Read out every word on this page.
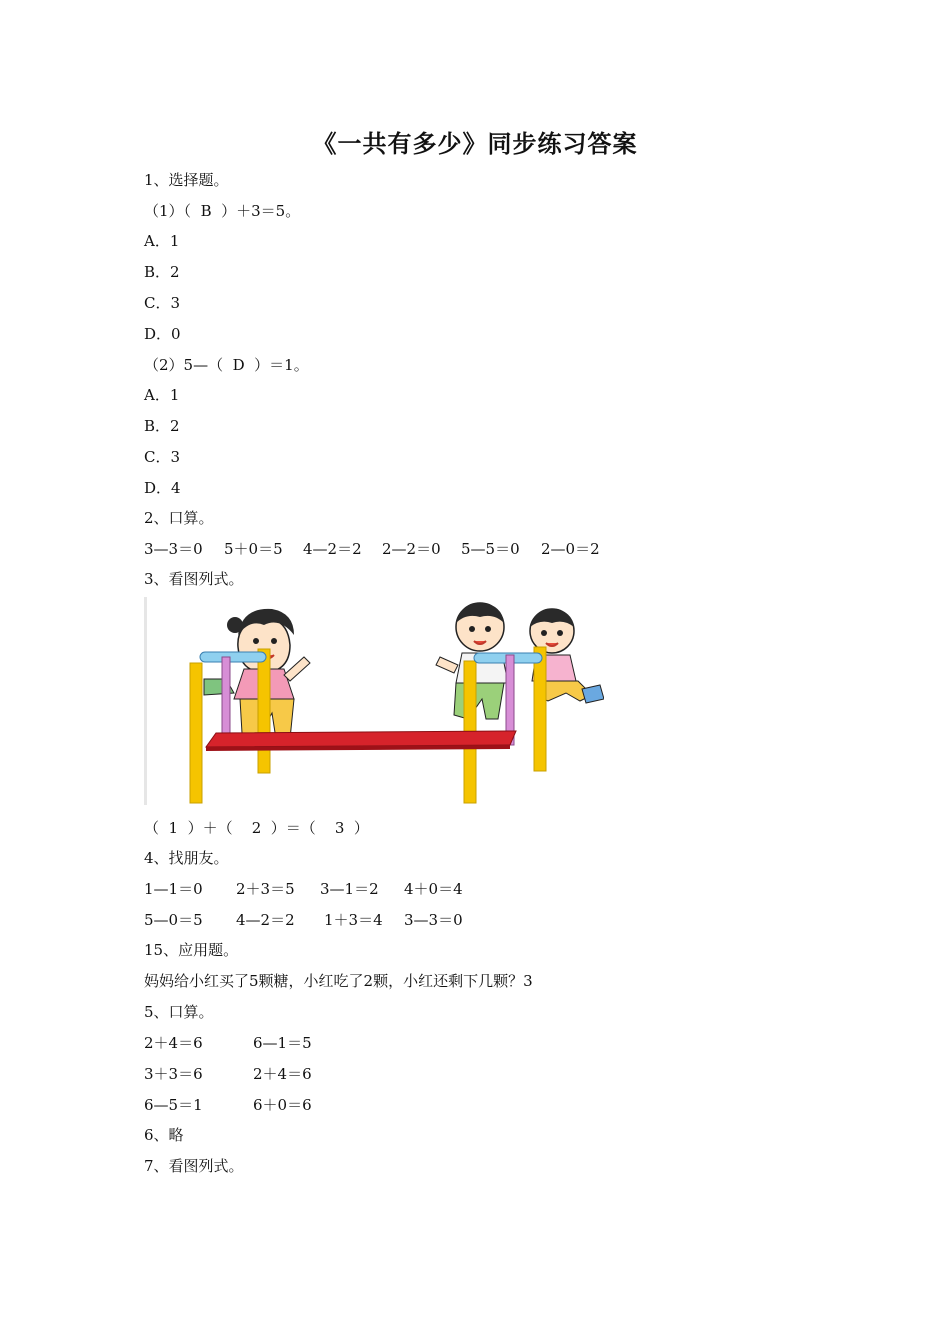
《一共有多少》同步练习答案
1、选择题。
（1）（  B  ）＋3＝5。
A．1
B．2
C．3
D．0
（2）5—（  D  ）＝1。
A．1
B．2
C．3
D．4
2、口算。
3—3＝0	5＋0＝5	4—2＝2	2—2＝0	5—5＝0	2—0＝2
3、看图列式。
（  1  ）＋（    2  ）＝（    3  ）
4、找朋友。
1—1＝0	2＋3＝5	3—1＝2	4＋0＝4
5—0＝5	4—2＝2	1＋3＝4	3—3＝0
15、应用题。
妈妈给小红买了5颗糖，小红吃了2颗，小红还剩下几颗？3
5、口算。
2＋4＝6	6—1＝5
3＋3＝6	2＋4＝6
6—5＝1	6＋0＝6
6、略
7、看图列式。
